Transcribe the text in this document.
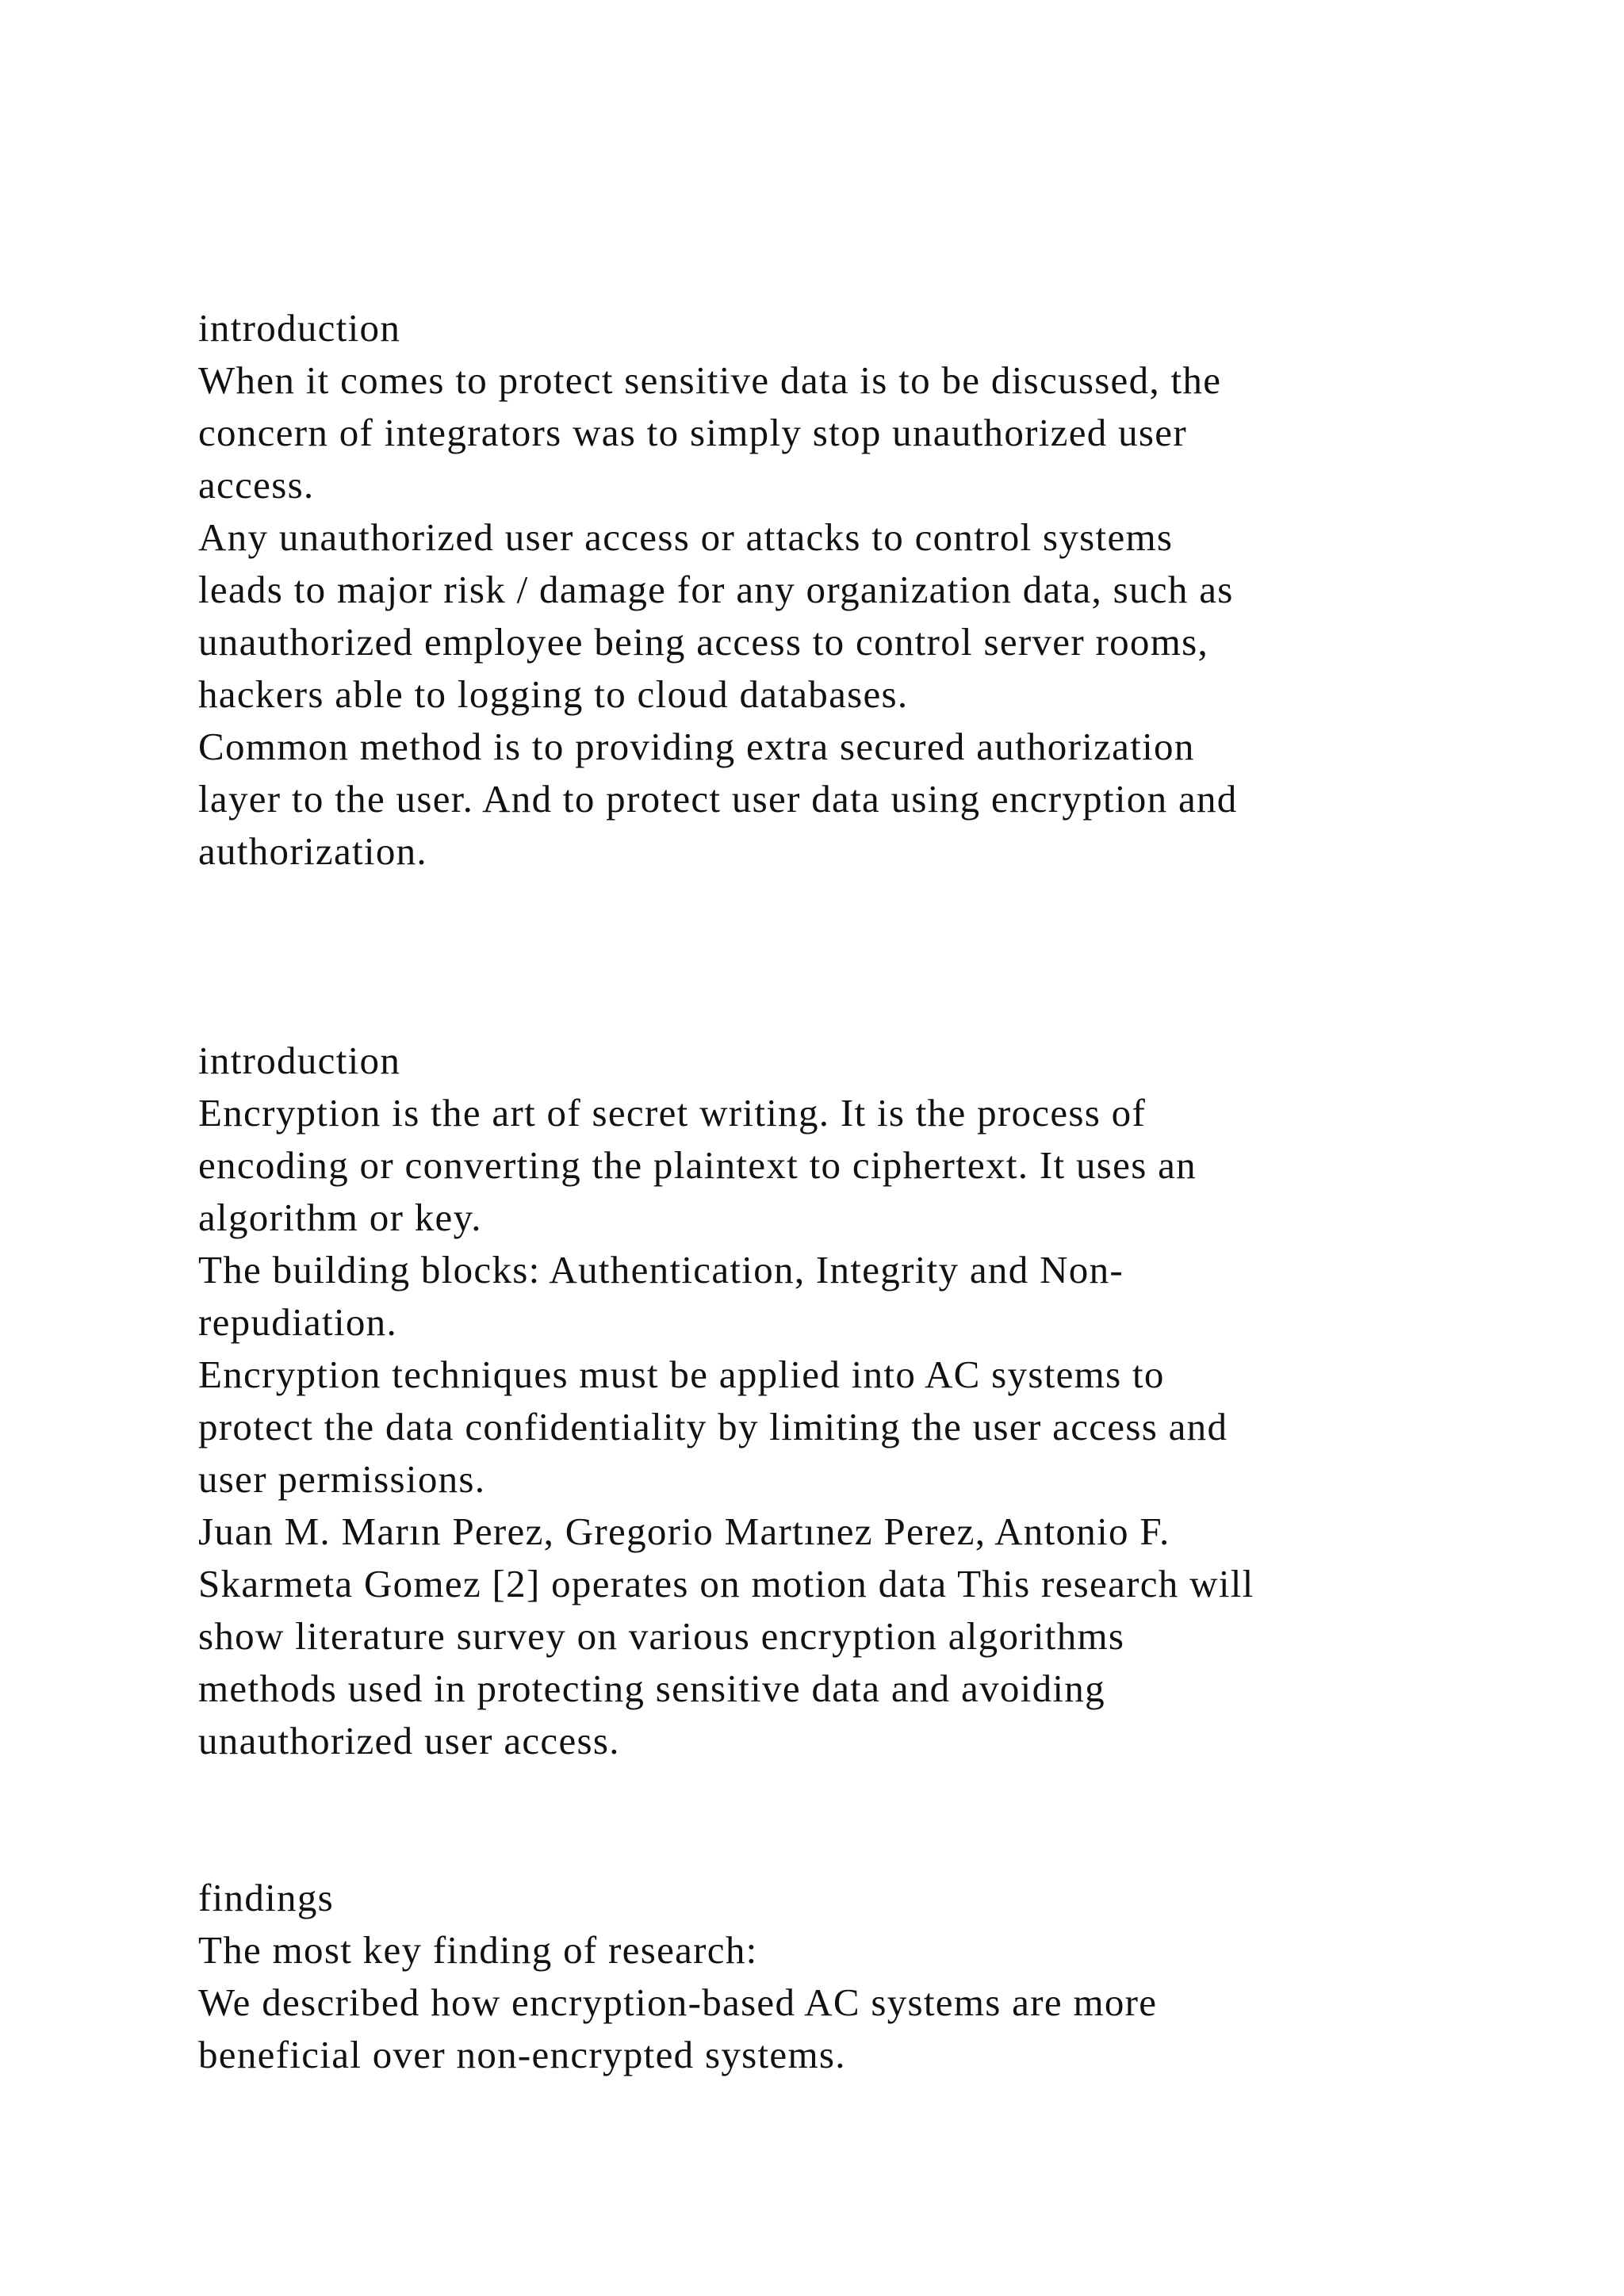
introduction
When it comes to protect sensitive data is to be discussed, the
concern of integrators was to simply stop unauthorized user
access.
Any unauthorized user access or attacks to control systems
leads to major risk / damage for any organization data, such as
unauthorized employee being access to control server rooms,
hackers able to logging to cloud databases.
Common method is to providing extra secured authorization
layer to the user. And to protect user data using encryption and
authorization.
introduction
Encryption is the art of secret writing. It is the process of
encoding or converting the plaintext to ciphertext. It uses an
algorithm or key.
The building blocks: Authentication, Integrity and Non-
repudiation.
Encryption techniques must be applied into AC systems to
protect the data confidentiality by limiting the user access and
user permissions.
Juan M. Marın Perez, Gregorio Martınez Perez, Antonio F.
Skarmeta Gomez [2] operates on motion data This research will
show literature survey on various encryption algorithms
methods used in protecting sensitive data and avoiding
unauthorized user access.
findings
The most key finding of research:
We described how encryption-based AC systems are more
beneficial over non-encrypted systems.
